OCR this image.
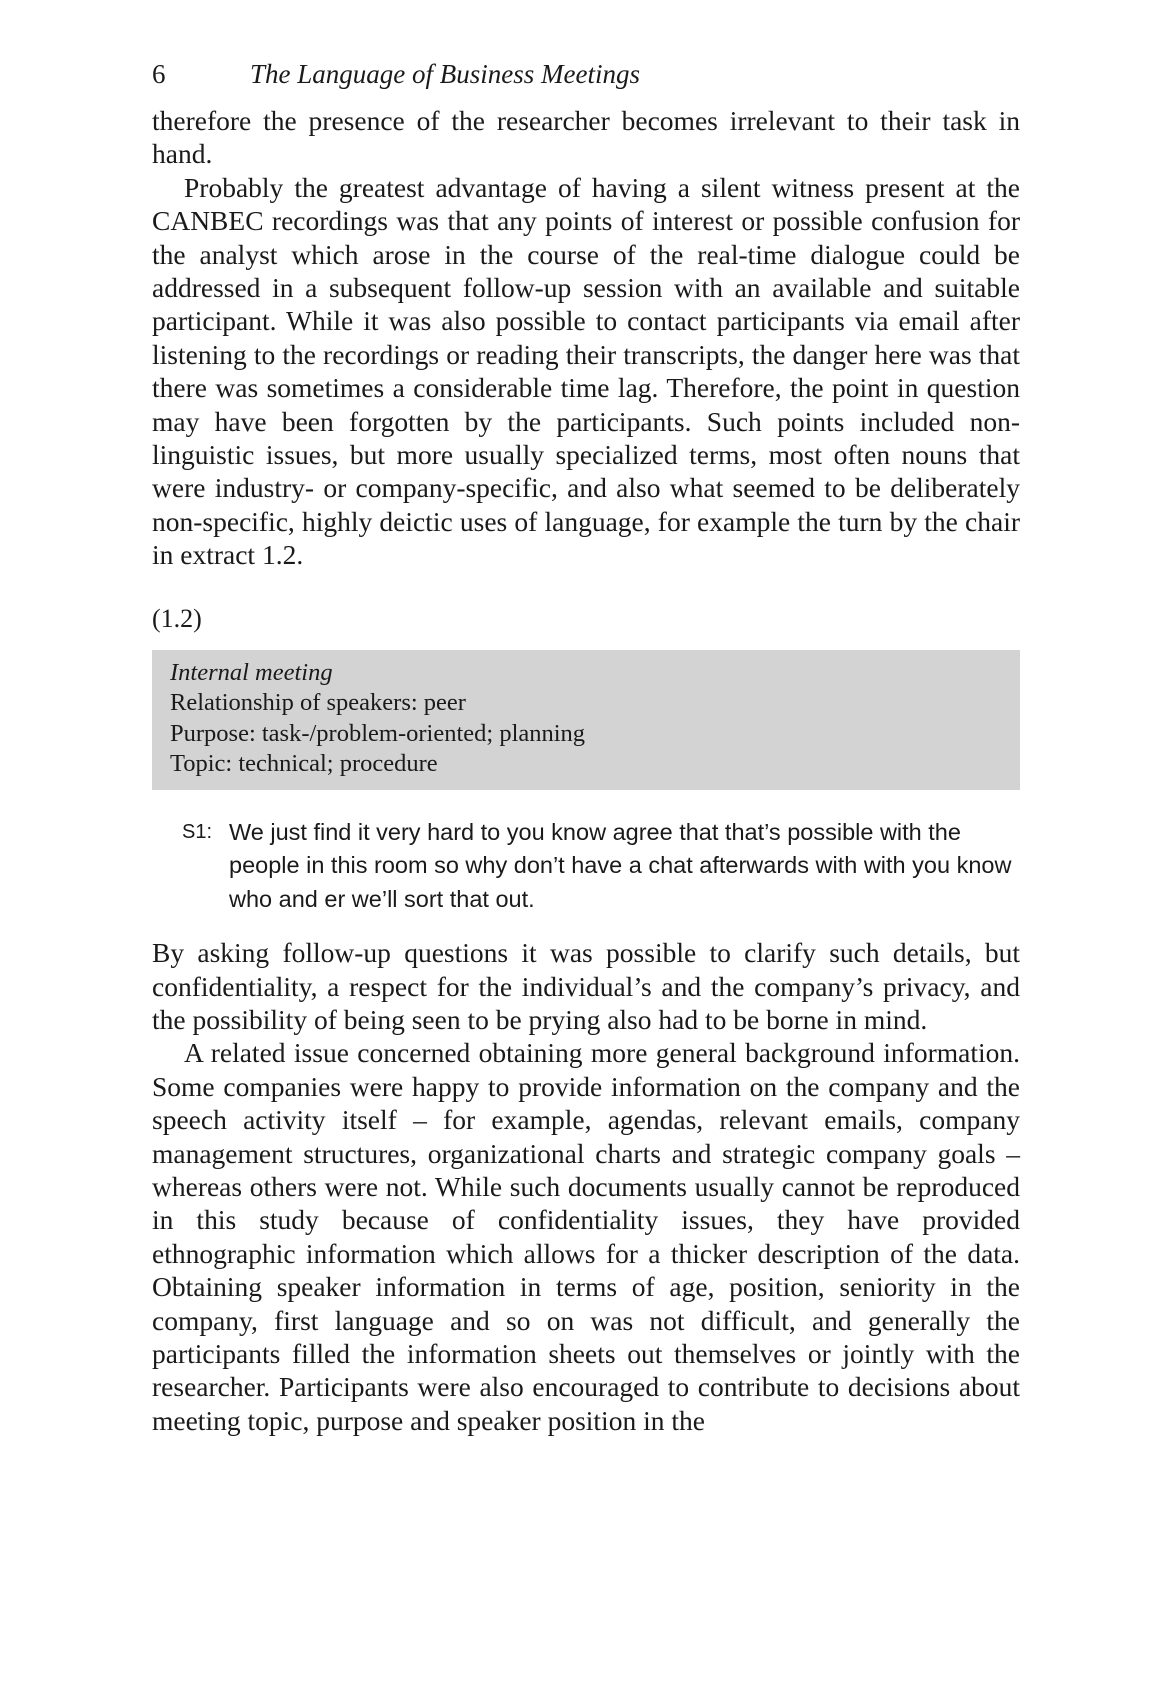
6	The Language of Business Meetings

therefore the presence of the researcher becomes irrelevant to their task in hand.

Probably the greatest advantage of having a silent witness present at the CANBEC recordings was that any points of interest or possible confusion for the analyst which arose in the course of the real-time dialogue could be addressed in a subsequent follow-up session with an available and suitable participant. While it was also possible to contact participants via email after listening to the recordings or reading their transcripts, the danger here was that there was sometimes a considerable time lag. Therefore, the point in question may have been forgotten by the participants. Such points included non-linguistic issues, but more usually specialized terms, most often nouns that were industry- or company-specific, and also what seemed to be deliberately non-specific, highly deictic uses of language, for example the turn by the chair in extract 1.2.

(1.2)
Internal meeting
Relationship of speakers: peer
Purpose: task-/problem-oriented; planning
Topic: technical; procedure
S1: We just find it very hard to you know agree that that’s possible with the people in this room so why don’t have a chat afterwards with with you know who and er we’ll sort that out.

By asking follow-up questions it was possible to clarify such details, but confidentiality, a respect for the individual’s and the company’s privacy, and the possibility of being seen to be prying also had to be borne in mind.

A related issue concerned obtaining more general background information. Some companies were happy to provide information on the company and the speech activity itself – for example, agendas, relevant emails, company management structures, organizational charts and strategic company goals – whereas others were not. While such documents usually cannot be reproduced in this study because of confidentiality issues, they have provided ethnographic information which allows for a thicker description of the data. Obtaining speaker information in terms of age, position, seniority in the company, first language and so on was not difficult, and generally the participants filled the information sheets out themselves or jointly with the researcher. Participants were also encouraged to contribute to decisions about meeting topic, purpose and speaker position in the
